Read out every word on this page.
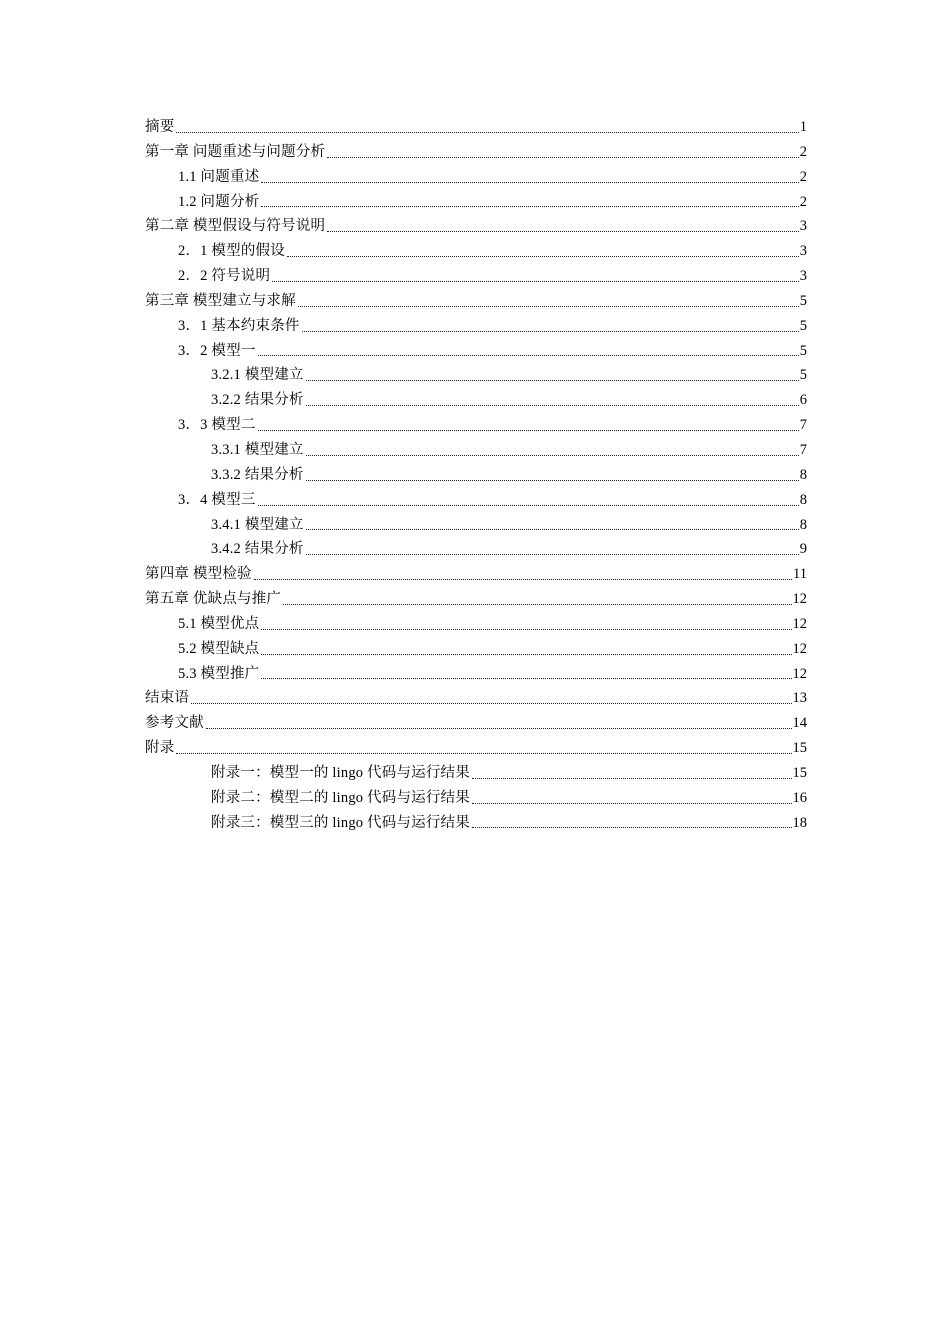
摘要	1
第一章 问题重述与问题分析	2
1.1 问题重述	2
1.2 问题分析	2
第二章 模型假设与符号说明	3
2．1 模型的假设	3
2．2 符号说明	3
第三章 模型建立与求解	5
3．1 基本约束条件	5
3．2 模型一	5
3.2.1 模型建立	5
3.2.2 结果分析	6
3．3 模型二	7
3.3.1 模型建立	7
3.3.2 结果分析	8
3．4 模型三	8
3.4.1 模型建立	8
3.4.2 结果分析	9
第四章 模型检验	11
第五章 优缺点与推广	12
5.1 模型优点	12
5.2 模型缺点	12
5.3 模型推广	12
结束语	13
参考文献	14
附录	15
附录一：模型一的 lingo 代码与运行结果	15
附录二：模型二的 lingo 代码与运行结果	16
附录三：模型三的 lingo 代码与运行结果	18
